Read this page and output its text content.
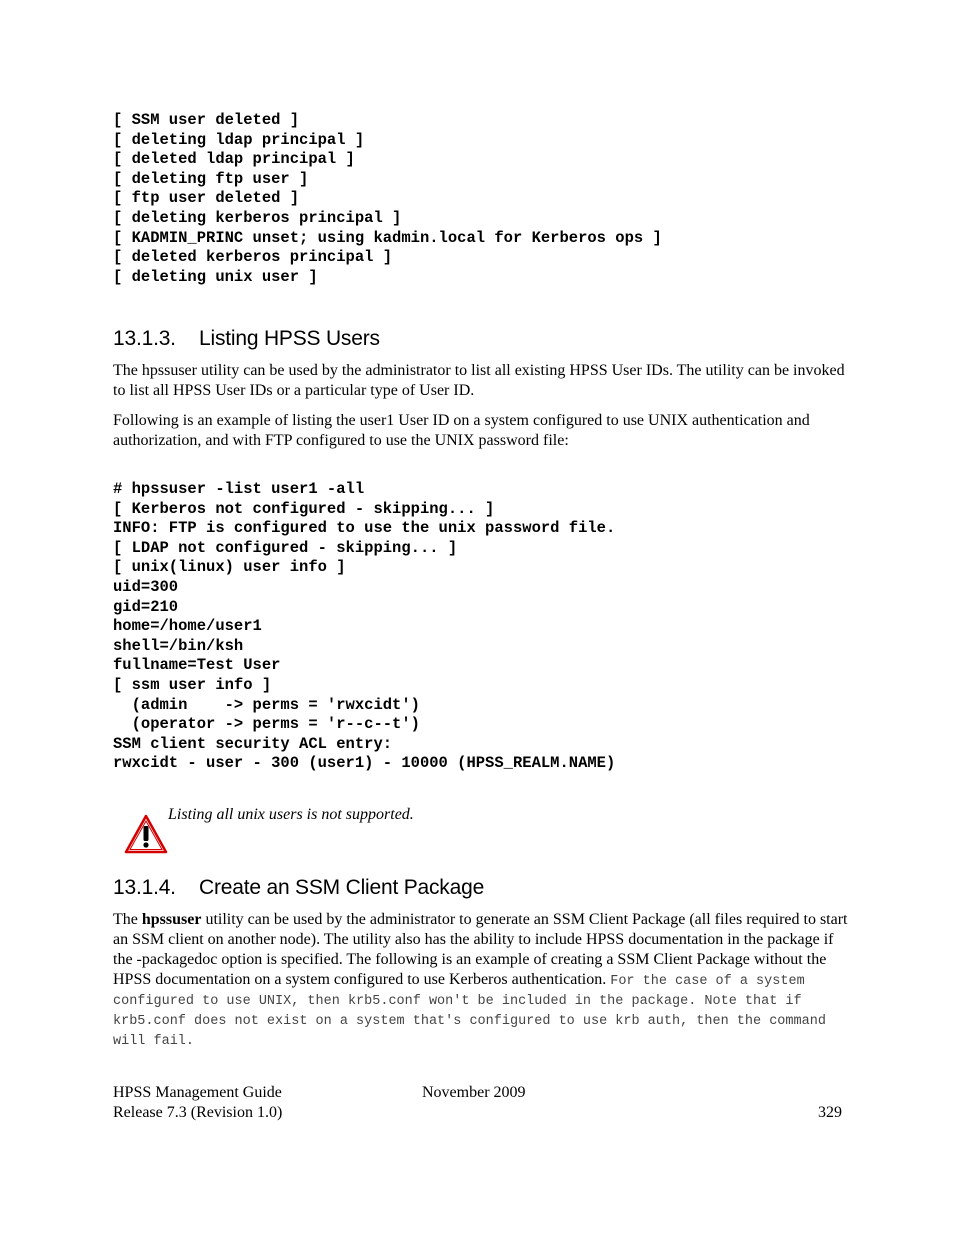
[ SSM user deleted ]
[ deleting ldap principal ]
[ deleted ldap principal ]
[ deleting ftp user ]
[ ftp user deleted ]
[ deleting kerberos principal ]
[ KADMIN_PRINC unset; using kadmin.local for Kerberos ops ]
[ deleted kerberos principal ]
[ deleting unix user ]
13.1.3. Listing HPSS Users

The hpssuser utility can be used by the administrator to list all existing HPSS User IDs. The utility can be invoked to list all HPSS User IDs or a particular type of User ID.

Following is an example of listing the user1 User ID on a system configured to use UNIX authentication and authorization, and with FTP configured to use the UNIX password file:

# hpssuser -list user1 -all
[ Kerberos not configured - skipping... ]
INFO: FTP is configured to use the unix password file.
[ LDAP not configured - skipping... ]
[ unix(linux) user info ]
uid=300
gid=210
home=/home/user1
shell=/bin/ksh
fullname=Test User
[ ssm user info ]
(admin    -> perms = 'rwxcidt')
(operator -> perms = 'r--c--t')
SSM client security ACL entry:
rwxcidt - user - 300 (user1) - 10000 (HPSS_REALM.NAME)

Listing all unix users is not supported.

13.1.4. Create an SSM Client Package

The hpssuser utility can be used by the administrator to generate an SSM Client Package (all files required to start an SSM client on another node). The utility also has the ability to include HPSS documentation in the package if the -packagedoc option is specified. The following is an example of creating a SSM Client Package without the HPSS documentation on a system configured to use Kerberos authentication. For the case of a system configured to use UNIX, then krb5.conf won't be included in the package. Note that if krb5.conf does not exist on a system that's configured to use krb auth, then the command will fail.

HPSS Management Guide

Release 7.3 (Revision 1.0)

November 2009

329
